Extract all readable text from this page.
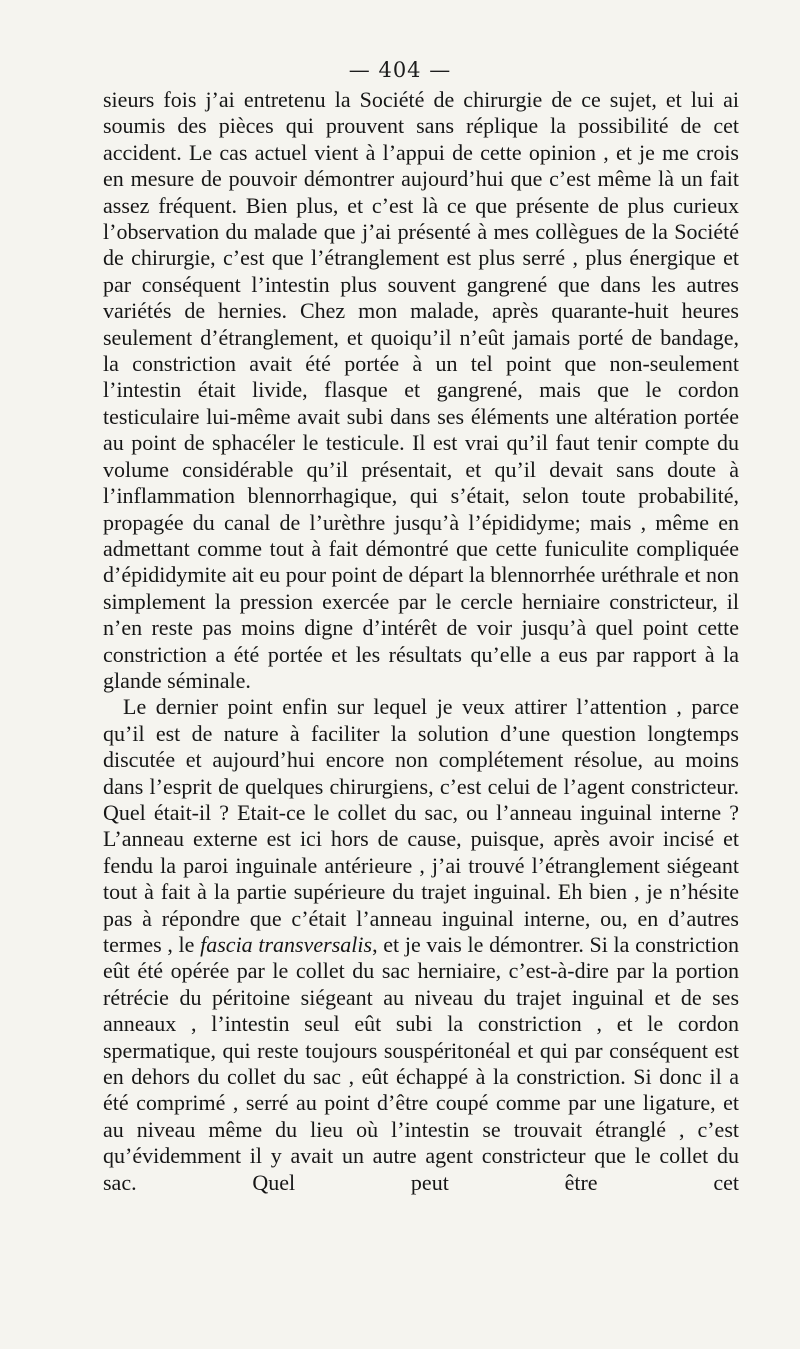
— 404 —

sieurs fois j’ai entretenu la Société de chirurgie de ce sujet, et lui ai soumis des pièces qui prouvent sans réplique la possibilité de cet accident. Le cas actuel vient à l’appui de cette opinion , et je me crois en mesure de pouvoir démontrer aujourd’hui que c’est même là un fait assez fréquent. Bien plus, et c’est là ce que présente de plus curieux l’observation du malade que j’ai présenté à mes collègues de la Société de chirurgie, c’est que l’étranglement est plus serré , plus énergique et par conséquent l’intestin plus souvent gangrené que dans les autres variétés de hernies. Chez mon malade, après quarante-huit heures seulement d’étranglement, et quoiqu’il n’eût jamais porté de bandage, la constriction avait été portée à un tel point que non-seulement l’intestin était livide, flasque et gangrené, mais que le cordon testiculaire lui-même avait subi dans ses éléments une altération portée au point de sphacéler le testicule. Il est vrai qu’il faut tenir compte du volume considérable qu’il présentait, et qu’il devait sans doute à l’inflammation blennorrhagique, qui s’était, selon toute probabilité, propagée du canal de l’urèthre jusqu’à l’épididyme; mais , même en admettant comme tout à fait démontré que cette funiculite compliquée d’épididymite ait eu pour point de départ la blennorrhée uréthrale et non simplement la pression exercée par le cercle herniaire constricteur, il n’en reste pas moins digne d’intérêt de voir jusqu’à quel point cette constriction a été portée et les résultats qu’elle a eus par rapport à la glande séminale.

Le dernier point enfin sur lequel je veux attirer l’attention , parce qu’il est de nature à faciliter la solution d’une question longtemps discutée et aujourd’hui encore non complétement résolue, au moins dans l’esprit de quelques chirurgiens, c’est celui de l’agent constricteur. Quel était-il ? Etait-ce le collet du sac, ou l’anneau inguinal interne ? L’anneau externe est ici hors de cause, puisque, après avoir incisé et fendu la paroi inguinale antérieure , j’ai trouvé l’étranglement siégeant tout à fait à la partie supérieure du trajet inguinal. Eh bien , je n’hésite pas à répondre que c’était l’anneau inguinal interne, ou, en d’autres termes , le fascia transversalis, et je vais le démontrer. Si la constriction eût été opérée par le collet du sac herniaire, c’est-à-dire par la portion rétrécie du péritoine siégeant au niveau du trajet inguinal et de ses anneaux , l’intestin seul eût subi la constriction , et le cordon spermatique, qui reste toujours souspéritonéal et qui par conséquent est en dehors du collet du sac , eût échappé à la constriction. Si donc il a été comprimé , serré au point d’être coupé comme par une ligature, et au niveau même du lieu où l’intestin se trouvait étranglé , c’est qu’évidemment il y avait un autre agent constricteur que le collet du sac. Quel peut être cet
